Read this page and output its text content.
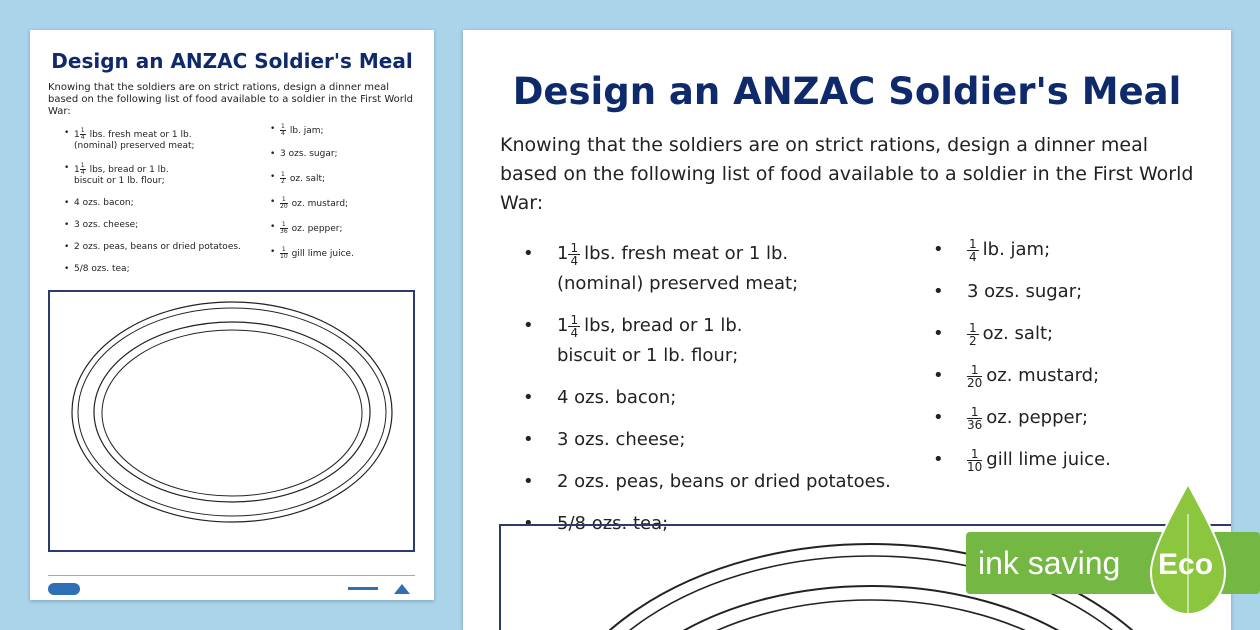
Design an ANZAC Soldier's Meal
Knowing that the soldiers are on strict rations, design a dinner meal based on the following list of food available to a soldier in the First World War:
• $1 \frac{1}{4}$ lbs. fresh meat or 1 lb.
(nominal) preserved meat;
• $1 \frac{1}{4}$ lbs, bread or 1 lb.
biscuit or 1 lb. flour;
• 4 ozs. bacon;
• 3 ozs. cheese;
• 2 ozs. peas, beans or dried potatoes.
• 5/8 ozs. tea;
• $\frac{1}{4}$ lb. jam;
• 3 ozs. sugar;
• $\frac{1}{2}$ oz. salt;
• $\frac{1}{20}$ oz. mustard;
• $\frac{1}{36}$ oz. pepper;
• $\frac{1}{10}$ gill lime juice.
Design an ANZAC Soldier's Meal
Knowing that the soldiers are on strict rations, design a dinner meal based on the following list of food available to a soldier in the First World War:
• $1 \frac{1}{4}$ lbs. fresh meat or 1 lb.
(nominal) preserved meat;
• $1 \frac{1}{4}$ lbs, bread or 1 lb.
biscuit or 1 lb. flour;
• 4 ozs. bacon;
• 3 ozs. cheese;
• 2 ozs. peas, beans or dried potatoes.
• 5/8 ozs. tea;
• $\frac{1}{4}$ lb. jam;
• 3 ozs. sugar;
• $\frac{1}{2}$ oz. salt;
• $\frac{1}{20}$ oz. mustard;
• $\frac{1}{36}$ oz. pepper;
• $\frac{1}{10}$ gill lime juice.
ink saving Eco
